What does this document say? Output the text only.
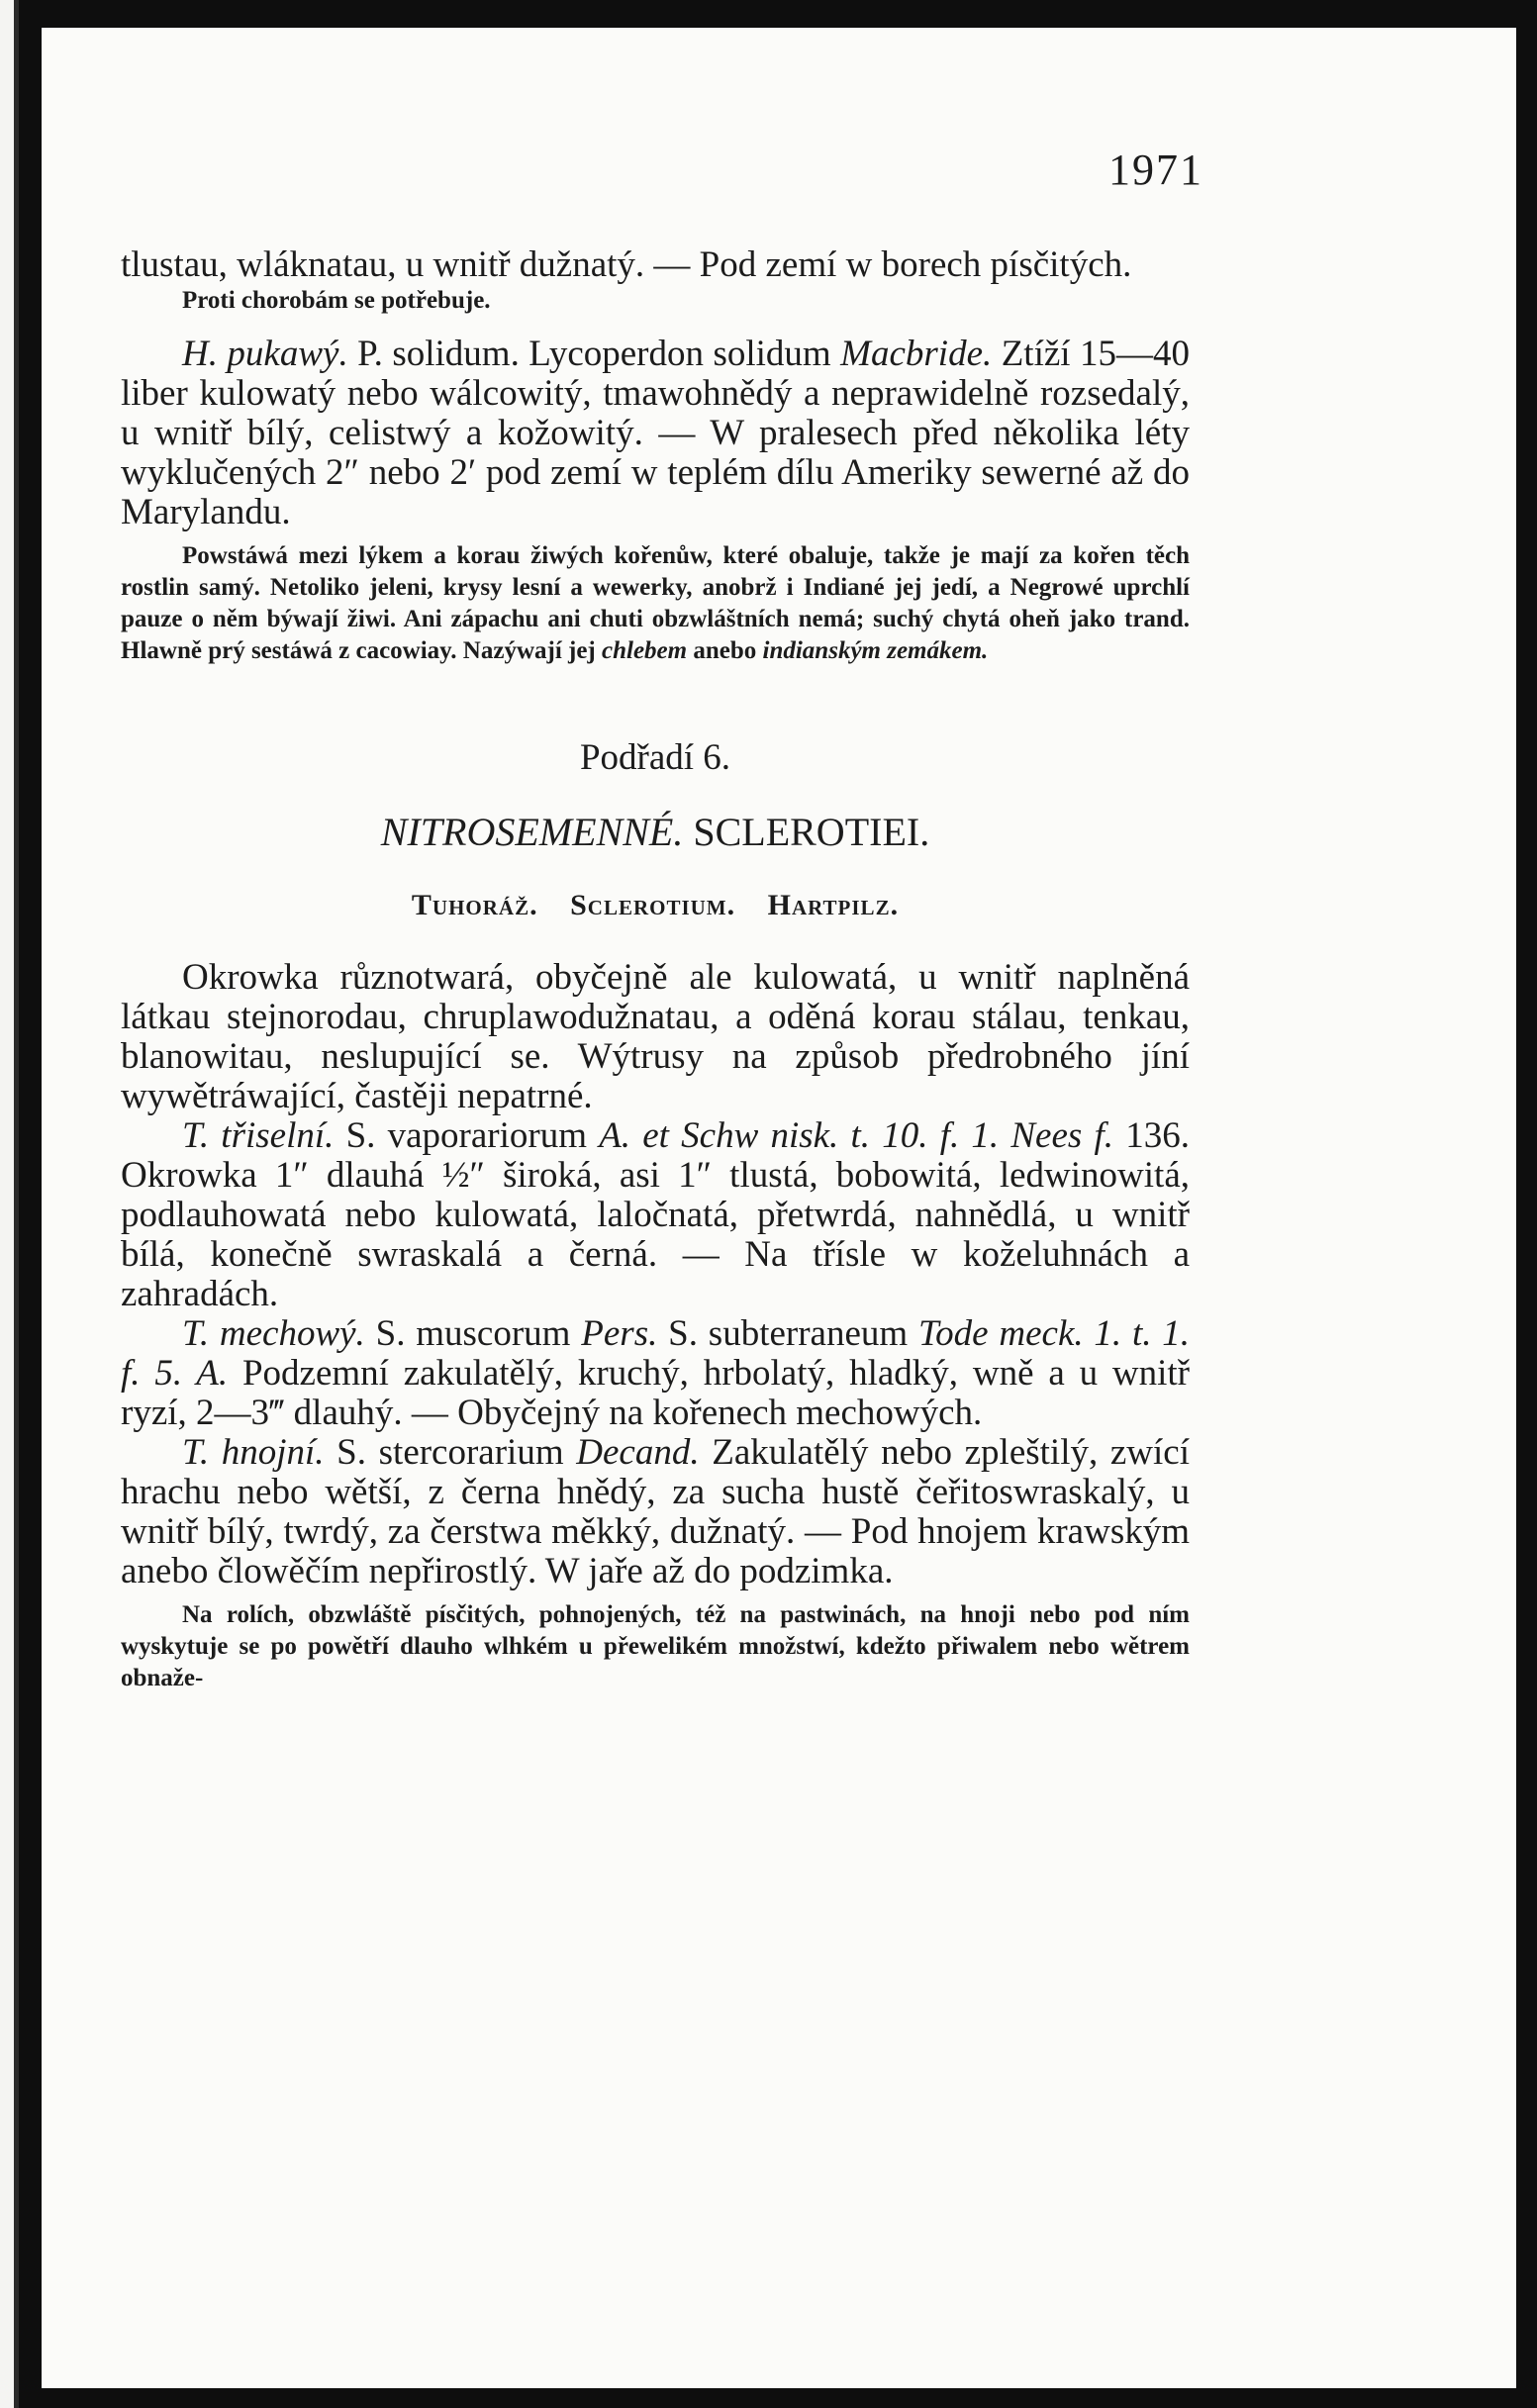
1971

tlustau, wláknatau, u wnitř dužnatý. — Pod zemí w borech písčitých.

Proti chorobám se potřebuje.

H. pukawý. P. solidum. Lycoperdon solidum Macbride. Ztíží 15—40 liber kulowatý nebo wálcowitý, tmawohnědý a neprawidelně rozsedalý, u wnitř bílý, celistwý a kožowitý. — W pralesech před několika léty wyklučených 2″ nebo 2′ pod zemí w teplém dílu Ameriky sewerné až do Marylandu.

Powstáwá mezi lýkem a korau žiwých kořenůw, které obaluje, takže je mají za kořen těch rostlin samý. Netoliko jeleni, krysy lesní a wewerky, anobrž i Indiané jej jedí, a Negrowé uprchlí pauze o něm býwají žiwi. Ani zápachu ani chuti obzwláštních nemá; suchý chytá oheň jako trand. Hlawně prý sestáwá z cacowiay. Nazýwají jej chlebem anebo indianským zemákem.

Podřadí 6.
NITROSEMENNÉ. SCLEROTIEI.
Tuhoráž. Sclerotium. Hartpilz.

Okrowka různotwará, obyčejně ale kulowatá, u wnitř naplněná látkau stejnorodau, chruplawodužnatau, a oděná korau stálau, tenkau, blanowitau, neslupující se. Wýtrusy na způsob předrobného jíní wywětráwající, častěji nepatrné.

T. třiselní. S. vaporariorum A. et Schw nisk. t. 10. f. 1. Nees f. 136. Okrowka 1″ dlauhá ½″ široká, asi 1″ tlustá, bobowitá, ledwinowitá, podlauhowatá nebo kulowatá, laločnatá, přetwrdá, nahnědlá, u wnitř bílá, konečně swraskalá a černá. — Na třísle w koželuhnách a zahradách.

T. mechowý. S. muscorum Pers. S. subterraneum Tode meck. 1. t. 1. f. 5. A. Podzemní zakulatělý, kruchý, hrbolatý, hladký, wně a u wnitř ryzí, 2—3‴ dlauhý. — Obyčejný na kořenech mechowých.

T. hnojní. S. stercorarium Decand. Zakulatělý nebo zpleštilý, zwící hrachu nebo wětší, z černa hnědý, za sucha hustě čeřitoswraskalý, u wnitř bílý, twrdý, za čerstwa měkký, dužnatý. — Pod hnojem krawským anebo člowěčím nepřirostlý. W jaře až do podzimka.

Na rolích, obzwláště písčitých, pohnojených, též na pastwinách, na hnoji nebo pod ním wyskytuje se po powětří dlauho wlhkém u přewelikém množstwí, kdežto přiwalem nebo wětrem obnaže-
